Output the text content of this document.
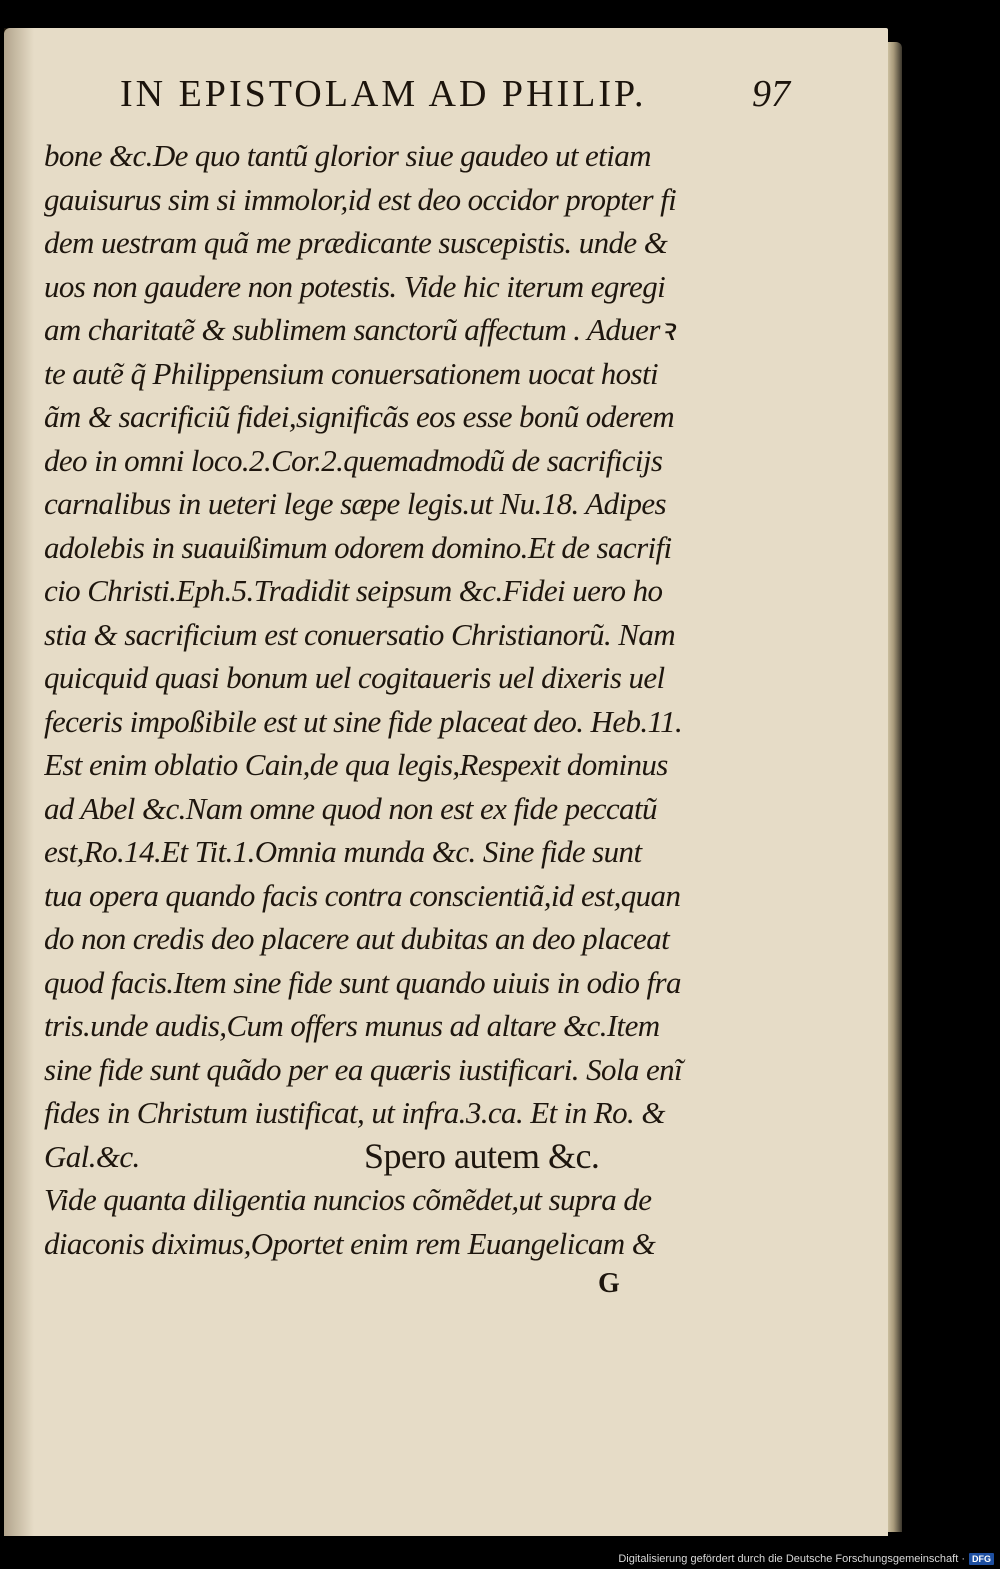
IN EPISTOLAM AD PHILIP.	97
bone &c.De quo tantũ glorior siue gaudeo ut etiam
gauisurus sim si immolor,id est deo occidor propter fi
dem uestram quã me prædicante suscepistis. unde &
uos non gaudere non potestis. Vide hic iterum egregi
am charitatẽ & sublimem sanctorũ affectum . Aduerꝛ
te autẽ q̃ Philippensium conuersationem uocat hosti
ãm & sacrificiũ fidei,significãs eos esse bonũ oderem
deo in omni loco.2.Cor.2.quemadmodũ de sacrificijs
carnalibus in ueteri lege sæpe legis.ut Nu.18. Adipes
adolebis in suauißimum odorem domino.Et de sacrifi
cio Christi.Eph.5.Tradidit seipsum &c.Fidei uero ho
stia & sacrificium est conuersatio Christianorũ. Nam
quicquid quasi bonum uel cogitaueris uel dixeris uel
feceris impoßibile est ut sine fide placeat deo. Heb.11.
Est enim oblatio Cain,de qua legis,Respexit dominus
ad Abel &c.Nam omne quod non est ex fide peccatũ
est,Ro.14.Et Tit.1.Omnia munda &c. Sine fide sunt
tua opera quando facis contra conscientiã,id est,quan
do non credis deo placere aut dubitas an deo placeat
quod facis.Item sine fide sunt quando uiuis in odio fra
tris.unde audis,Cum offers munus ad altare &c.Item
sine fide sunt quãdo per ea quæris iustificari. Sola enĩ
fides in Christum iustificat, ut infra.3.ca. Et in Ro. &
Gal.&c.	Spero autem &c.
Vide quanta diligentia nuncios cõmẽdet,ut supra de
diaconis diximus,Oportet enim rem Euangelicam &
G
Digitalisierung gefördert durch die Deutsche Forschungsgemeinschaft · DFG
